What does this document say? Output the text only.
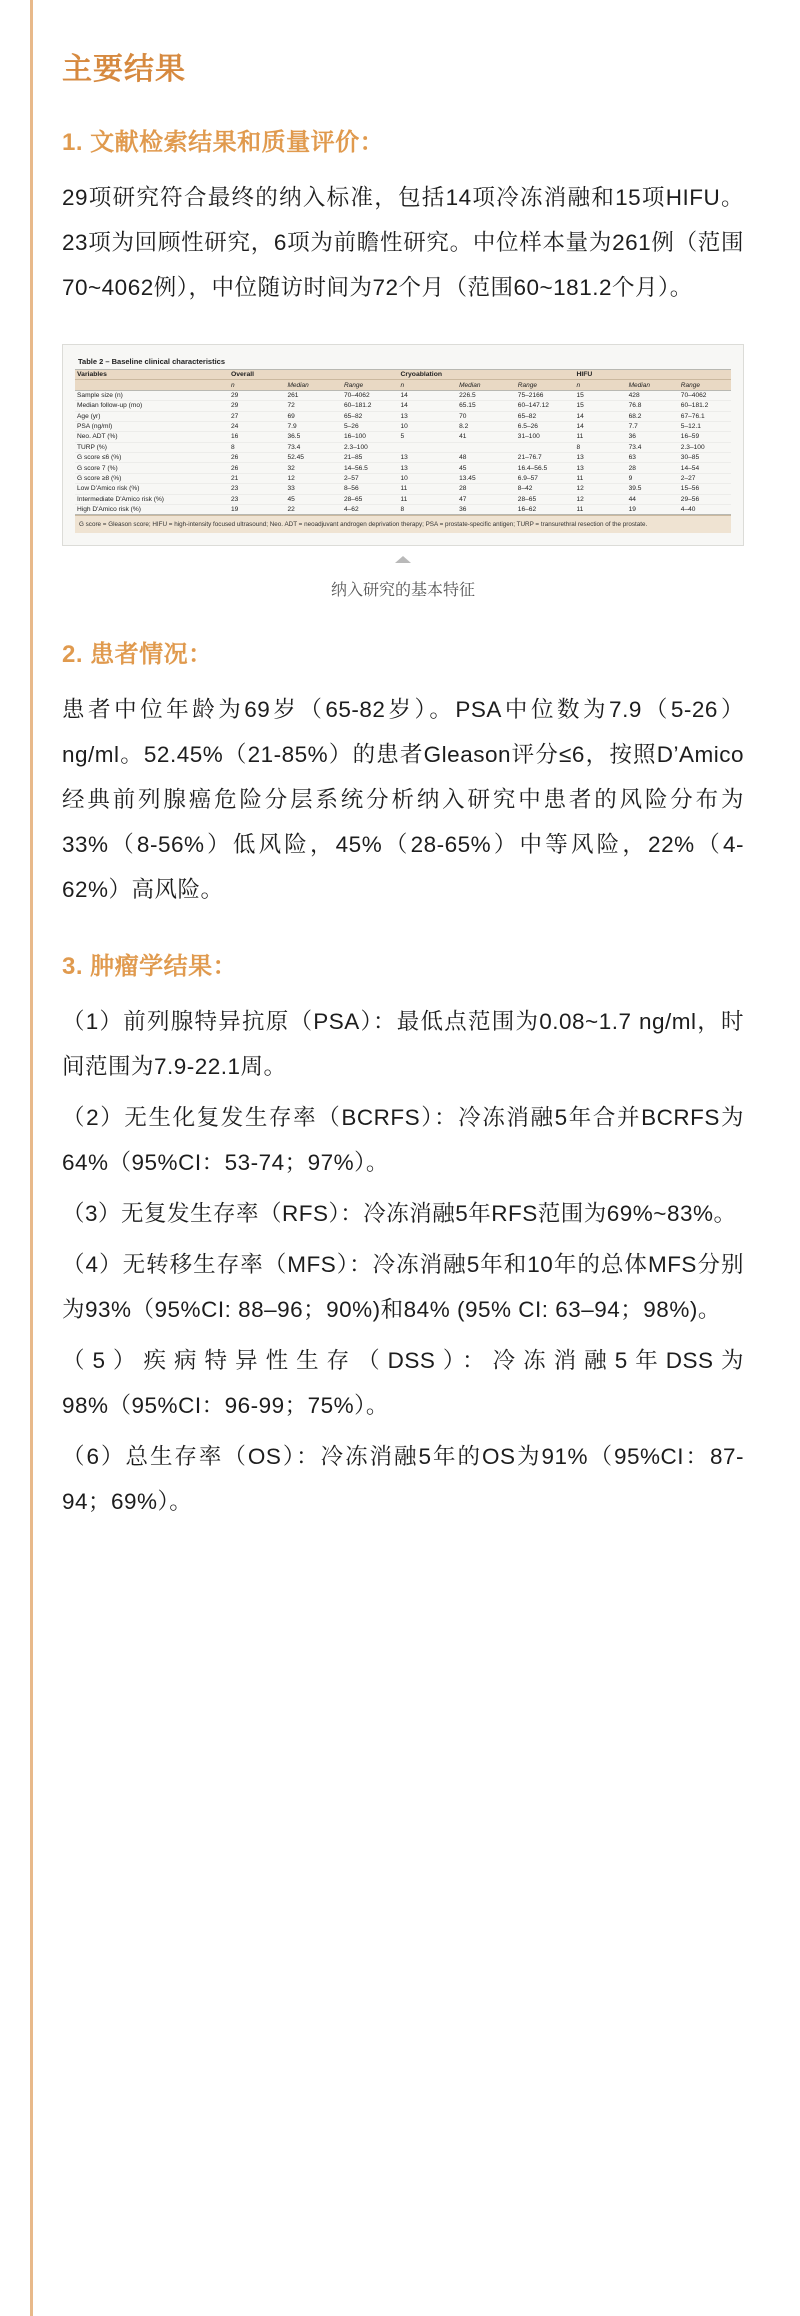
主要结果
1. 文献检索结果和质量评价：

29项研究符合最终的纳入标准，包括14项冷冻消融和15项HIFU。23项为回顾性研究，6项为前瞻性研究。中位样本量为261例（范围70~4062例），中位随访时间为72个月（范围60~181.2个月）。

Table 2 – Baseline clinical characteristics
Variables	Overall			Cryoablation			HIFU		
	n	Median	Range	n	Median	Range	n	Median	Range
Sample size (n)	29	261	70–4062	14	226.5	75–2166	15	428	70–4062
Median follow-up (mo)	29	72	60–181.2	14	65.15	60–147.12	15	76.8	60–181.2
Age (yr)	27	69	65–82	13	70	65–82	14	68.2	67–76.1
PSA (ng/ml)	24	7.9	5–26	10	8.2	6.5–26	14	7.7	5–12.1
Neo. ADT (%)	16	36.5	16–100	5	41	31–100	11	36	16–59
TURP (%)	8	73.4	2.3–100				8	73.4	2.3–100
G score ≤6 (%)	26	52.45	21–85	13	48	21–76.7	13	63	30–85
G score 7 (%)	26	32	14–56.5	13	45	16.4–56.5	13	28	14–54
G score ≥8 (%)	21	12	2–57	10	13.45	6.9–57	11	9	2–27
Low D'Amico risk (%)	23	33	8–56	11	28	8–42	12	39.5	15–56
Intermediate D'Amico risk (%)	23	45	28–65	11	47	28–65	12	44	29–56
High D'Amico risk (%)	19	22	4–62	8	36	16–62	11	19	4–40
G score = Gleason score; HIFU = high-intensity focused ultrasound; Neo. ADT = neoadjuvant androgen deprivation therapy; PSA = prostate-specific antigen; TURP = transurethral resection of the prostate.
纳入研究的基本特征
2. 患者情况：

患者中位年龄为69岁（65-82岁）。PSA中位数为7.9（5-26）ng/ml。52.45%（21-85%）的患者Gleason评分≤6，按照D’Amico经典前列腺癌危险分层系统分析纳入研究中患者的风险分布为33%（8-56%）低风险，45%（28-65%）中等风险，22%（4-62%）高风险。

3. 肿瘤学结果：

（1）前列腺特异抗原（PSA）：最低点范围为0.08~1.7 ng/ml，时间范围为7.9-22.1周。

（2）无生化复发生存率（BCRFS）：冷冻消融5年合并BCRFS为64%（95%CI：53-74；97%）。

（3）无复发生存率（RFS）：冷冻消融5年RFS范围为69%~83%。

（4）无转移生存率（MFS）：冷冻消融5年和10年的总体MFS分别为93%（95%CI: 88–96；90%)和84% (95% CI: 63–94；98%)。

（5）疾病特异性生存（DSS）：冷冻消融5年DSS为98%（95%CI：96-99；75%）。

（6）总生存率（OS）：冷冻消融5年的OS为91%（95%CI：87-94；69%）。
